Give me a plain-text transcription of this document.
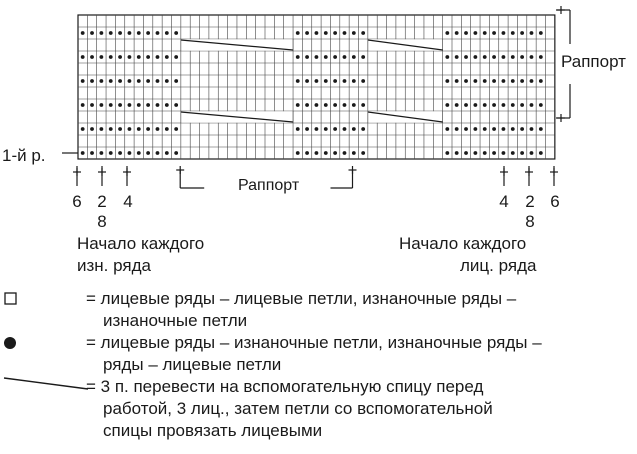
1-й р.
Раппорт
Раппорт
6 2 4
8
4 2 6
8
Начало каждого
изн. ряда
Начало каждого
лиц. ряда
= лицевые ряды – лицевые петли, изнаночные ряды –
изнаночные петли
= лицевые ряды – изнаночные петли, изнаночные ряды –
ряды – лицевые петли
= 3 п. перевести на вспомогательную спицу перед
работой, 3 лиц., затем петли со вспомогательной
спицы провязать лицевыми
